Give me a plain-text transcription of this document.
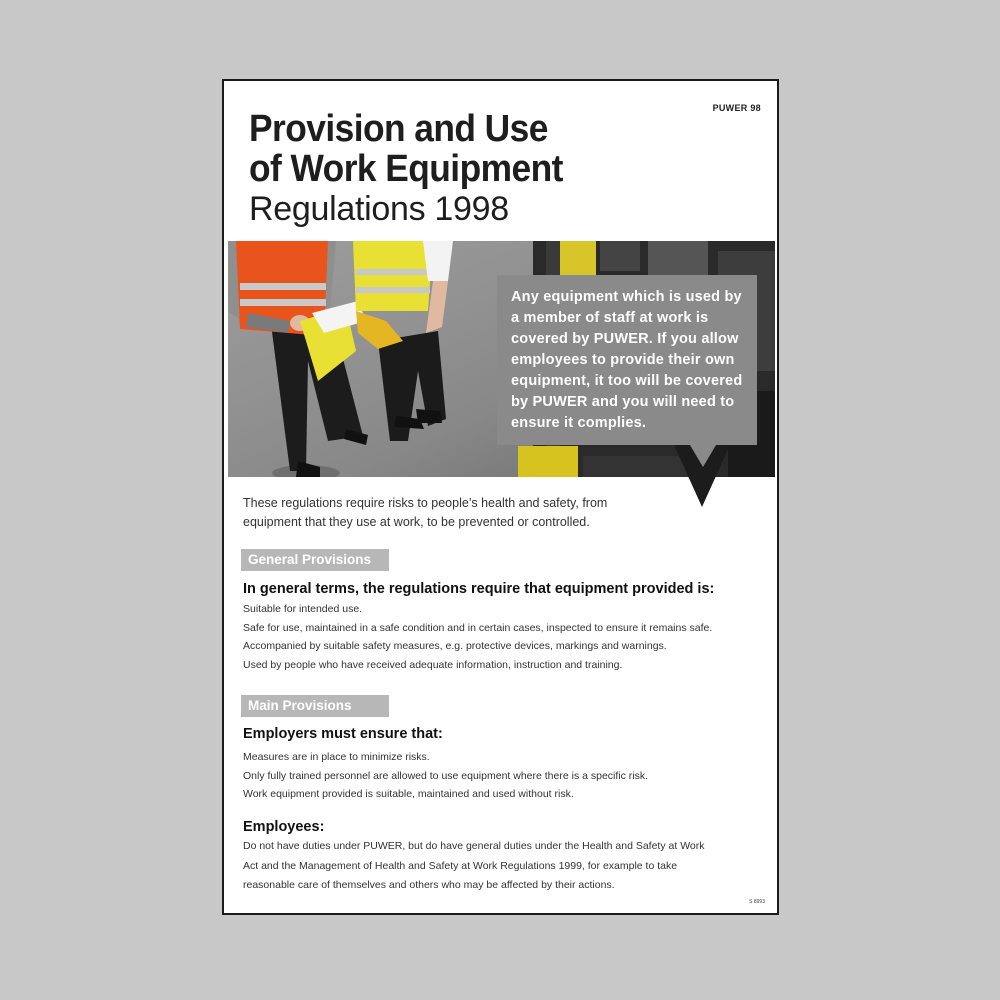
PUWER 98
Provision and Use
of Work Equipment
Regulations 1998
Any equipment which is used by a member of staff at work is covered by PUWER. If you allow employees to provide their own equipment, it too will be covered by PUWER and you will need to ensure it complies.
These regulations require risks to people’s health and safety, from equipment that they use at work, to be prevented or controlled.
General Provisions
In general terms, the regulations require that equipment provided is:
Suitable for intended use.
Safe for use, maintained in a safe condition and in certain cases, inspected to ensure it remains safe.
Accompanied by suitable safety measures, e.g. protective devices, markings and warnings.
Used by people who have received adequate information, instruction and training.
Main Provisions
Employers must ensure that:
Measures are in place to minimize risks.
Only fully trained personnel are allowed to use equipment where there is a specific risk.
Work equipment provided is suitable, maintained and used without risk.
Employees:
Do not have duties under PUWER, but do have general duties under the Health and Safety at Work Act and the Management of Health and Safety at Work Regulations 1999, for example to take reasonable care of themselves and others who may be affected by their actions.
S 8993
